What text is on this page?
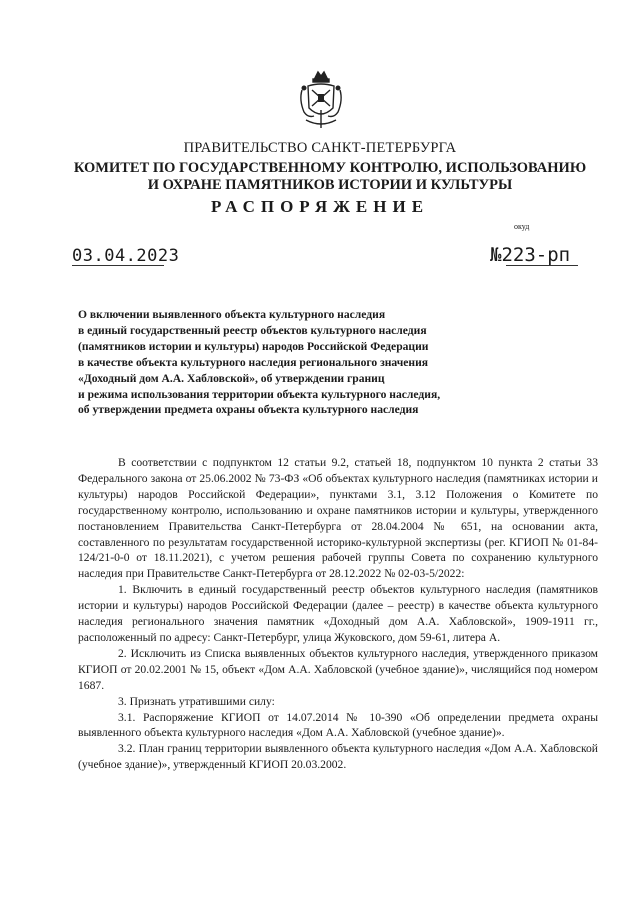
ПРАВИТЕЛЬСТВО САНКТ-ПЕТЕРБУРГА
КОМИТЕТ ПО ГОСУДАРСТВЕННОМУ КОНТРОЛЮ, ИСПОЛЬЗОВАНИЮ
И ОХРАНЕ ПАМЯТНИКОВ ИСТОРИИ И КУЛЬТУРЫ
РАСПОРЯЖЕНИЕ
окуд
03.04.2023	№223-рп
О включении выявленного объекта культурного наследия
в единый государственный реестр объектов культурного наследия
(памятников истории и культуры) народов Российской Федерации
в качестве объекта культурного наследия регионального значения
«Доходный дом А.А. Хабловской», об утверждении границ
и режима использования территории объекта культурного наследия,
об утверждении предмета охраны объекта культурного наследия

В соответствии с подпунктом 12 статьи 9.2, статьей 18, подпунктом 10 пункта 2 статьи 33 Федерального закона от 25.06.2002 № 73-ФЗ «Об объектах культурного наследия (памятниках истории и культуры) народов Российской Федерации», пунктами 3.1, 3.12 Положения о Комитете по государственному контролю, использованию и охране памятников истории и культуры, утвержденного постановлением Правительства Санкт-Петербурга от 28.04.2004 № 651, на основании акта, составленного по результатам государственной историко-культурной экспертизы (рег. КГИОП № 01-84-124/21-0-0 от 18.11.2021), с учетом решения рабочей группы Совета по сохранению культурного наследия при Правительстве Санкт-Петербурга от 28.12.2022 № 02-03-5/2022:

1. Включить в единый государственный реестр объектов культурного наследия (памятников истории и культуры) народов Российской Федерации (далее – реестр) в качестве объекта культурного наследия регионального значения памятник «Доходный дом А.А. Хабловской», 1909-1911 гг., расположенный по адресу: Санкт-Петербург, улица Жуковского, дом 59-61, литера А.

2. Исключить из Списка выявленных объектов культурного наследия, утвержденного приказом КГИОП от 20.02.2001 № 15, объект «Дом А.А. Хабловской (учебное здание)», числящийся под номером 1687.

3. Признать утратившими силу:

3.1. Распоряжение КГИОП от 14.07.2014 № 10-390 «Об определении предмета охраны выявленного объекта культурного наследия «Дом А.А. Хабловской (учебное здание)».

3.2. План границ территории выявленного объекта культурного наследия «Дом А.А. Хабловской (учебное здание)», утвержденный КГИОП 20.03.2002.
